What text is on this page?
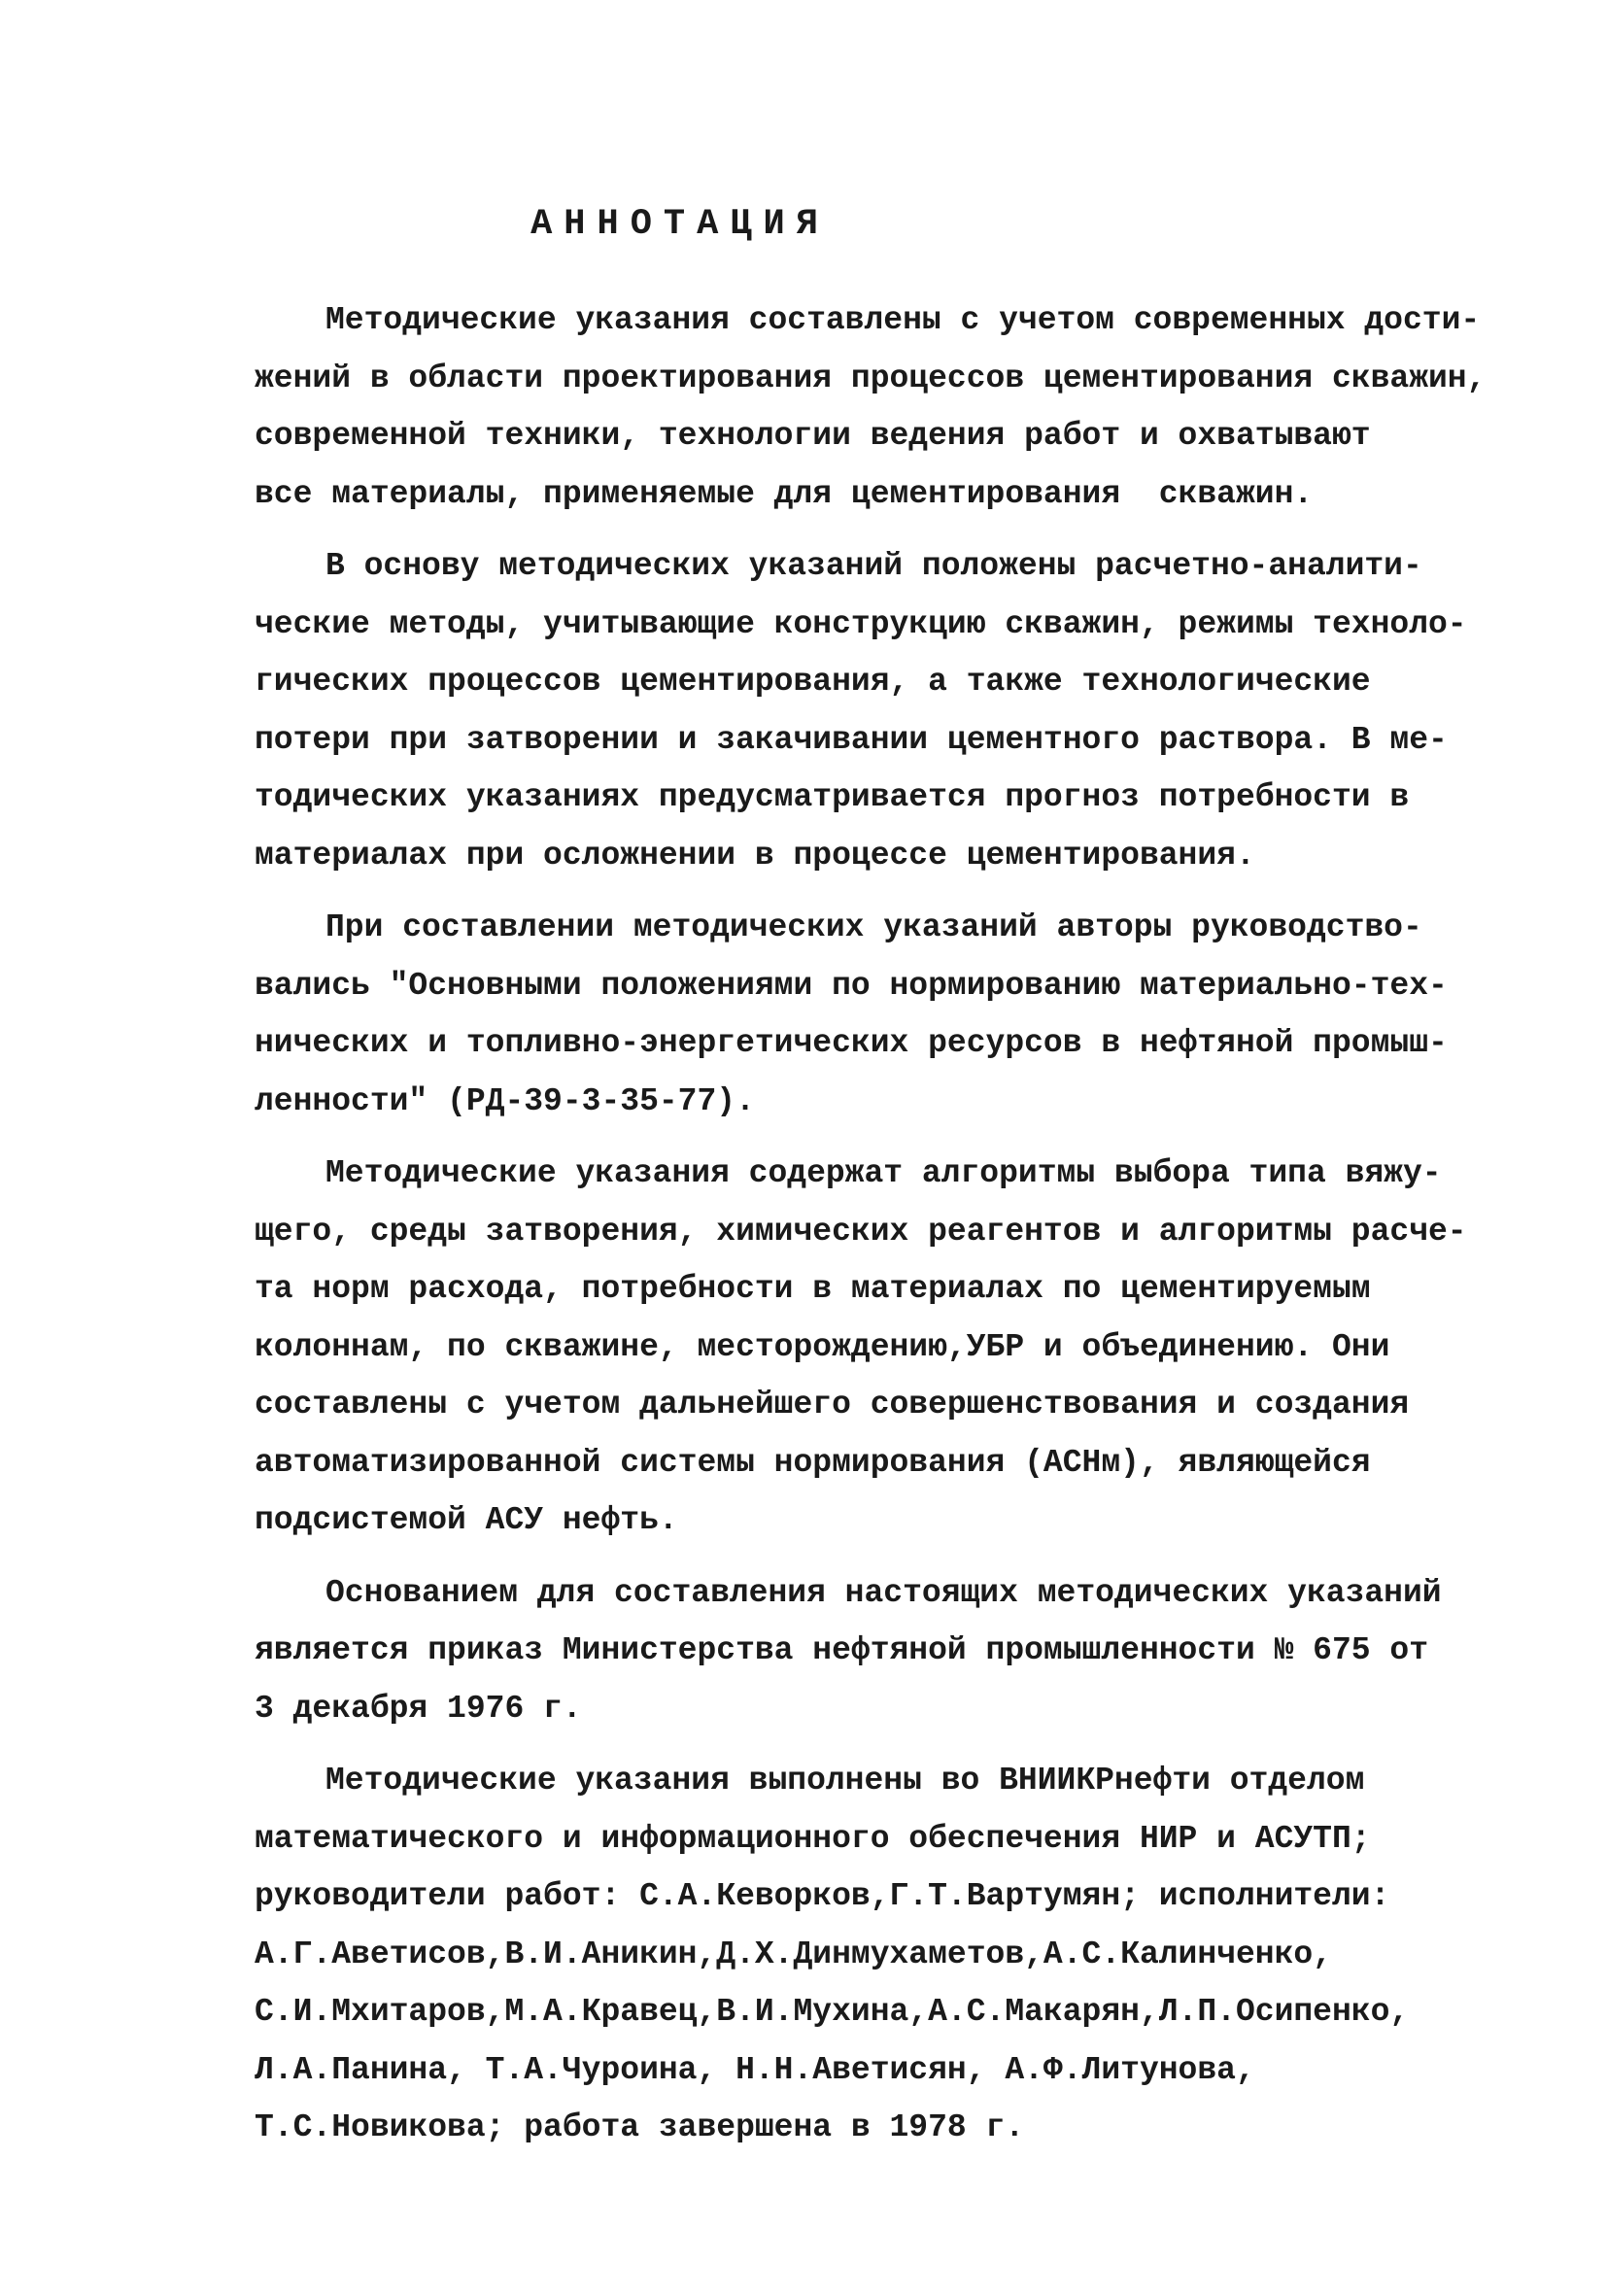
АННОТАЦИЯ
Методические указания составлены с учетом современных дости-
жений в области проектирования процессов цементирования скважин,
современной техники, технологии ведения работ и охватывают
все материалы, применяемые для цементирования  скважин.
В основу методических указаний положены расчетно-аналити-
ческие методы, учитывающие конструкцию скважин, режимы техноло-
гических процессов цементирования, а также технологические
потери при затворении и закачивании цементного раствора. В ме-
тодических указаниях предусматривается прогноз потребности в
материалах при осложнении в процессе цементирования.
При составлении методических указаний авторы руководство-
вались "Основными положениями по нормированию материально-тех-
нических и топливно-энергетических ресурсов в нефтяной промыш-
ленности" (РД-39-3-35-77).
Методические указания содержат алгоритмы выбора типа вяжу-
щего, среды затворения, химических реагентов и алгоритмы расче-
та норм расхода, потребности в материалах по цементируемым
колоннам, по скважине, месторождению,УБР и объединению. Они
составлены с учетом дальнейшего совершенствования и создания
автоматизированной системы нормирования (АСНм), являющейся
подсистемой АСУ нефть.
Основанием для составления настоящих методических указаний
является приказ Министерства нефтяной промышленности № 675 от
3 декабря 1976 г.
Методические указания выполнены во ВНИИКРнефти отделом
математического и информационного обеспечения НИР и АСУТП;
руководители работ: С.А.Кеворков,Г.Т.Вартумян; исполнители:
А.Г.Аветисов,В.И.Аникин,Д.Х.Динмухаметов,А.С.Калинченко,
С.И.Мхитаров,М.А.Кравец,В.И.Мухина,А.С.Макарян,Л.П.Осипенко,
Л.А.Панина, Т.А.Чуроина, Н.Н.Аветисян, А.Ф.Литунова,
Т.С.Новикова; работа завершена в 1978 г.
